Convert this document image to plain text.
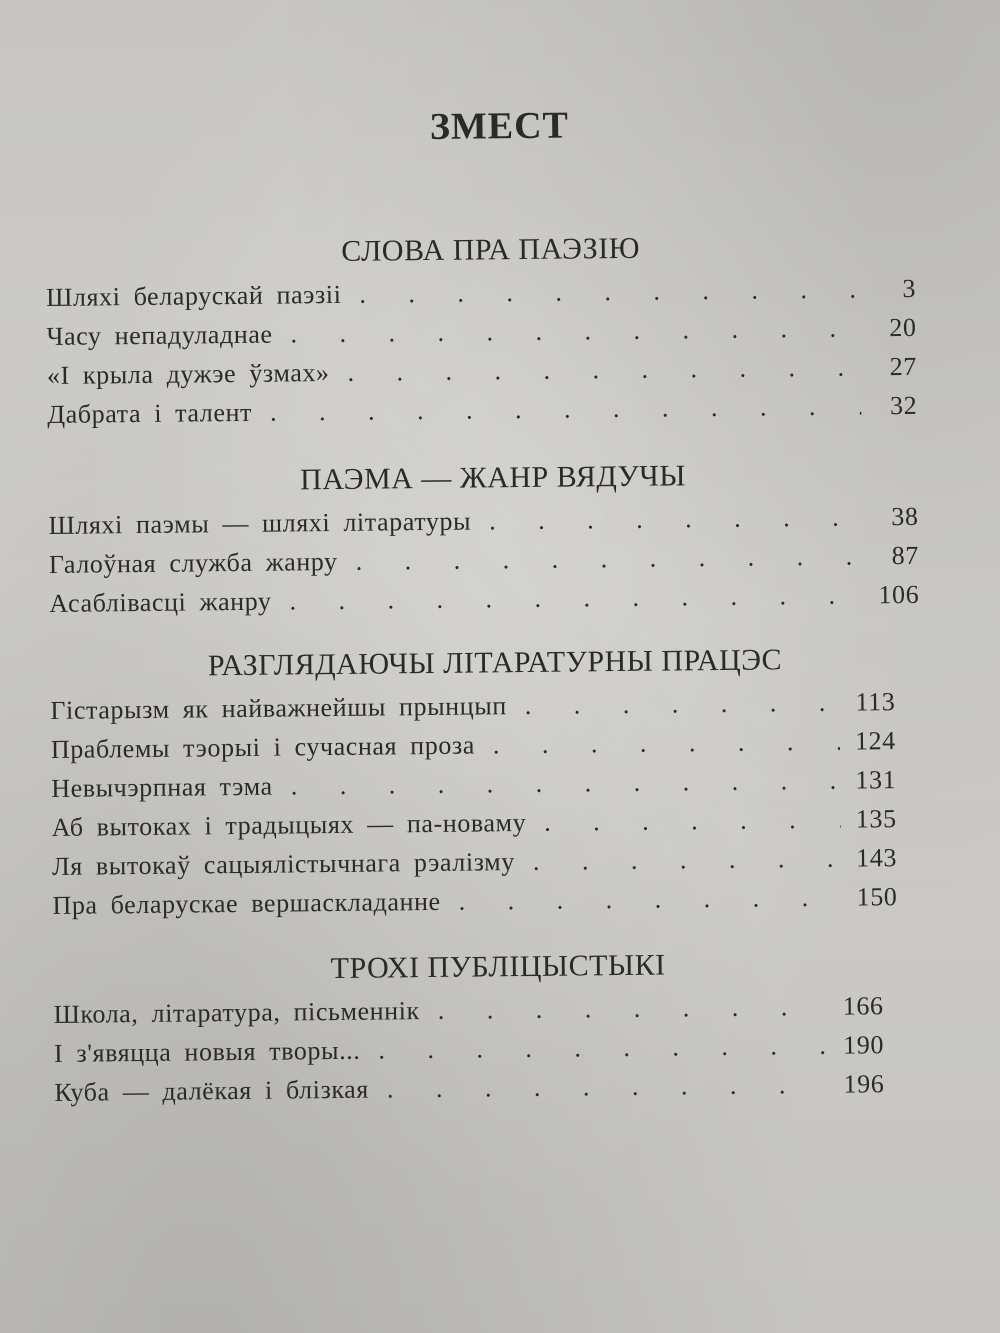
ЗМЕСТ
СЛОВА ПРА ПАЭЗІЮ
Шляхі беларускай паэзіі . . .	3
Часу непадуладнае . . .	20
«І крыла дужэе ўзмах» . . .	27
Дабрата і талент . . .	32
ПАЭМА — ЖАНР ВЯДУЧЫ
Шляхі паэмы — шляхі літаратуры . . .	38
Галоўная служба жанру . . .	87
Асаблівасці жанру . . .	106
РАЗГЛЯДАЮЧЫ ЛІТАРАТУРНЫ ПРАЦЭС
Гістарызм як найважнейшы прынцып . . .	113
Праблемы тэорыі і сучасная проза . . .	124
Невычэрпная тэма . . .	131
Аб вытоках і традыцыях — па-новаму . . .	135
Ля вытокаў сацыялістычнага рэалізму . . .	143
Пра беларускае вершаскладанне . . .	150
ТРОХІ ПУБЛІЦЫСТЫКІ
Школа, літаратура, пісьменнік . . .	166
І з'явяцца новыя творы... . . .	190
Куба — далёкая і блізкая . . .	196
